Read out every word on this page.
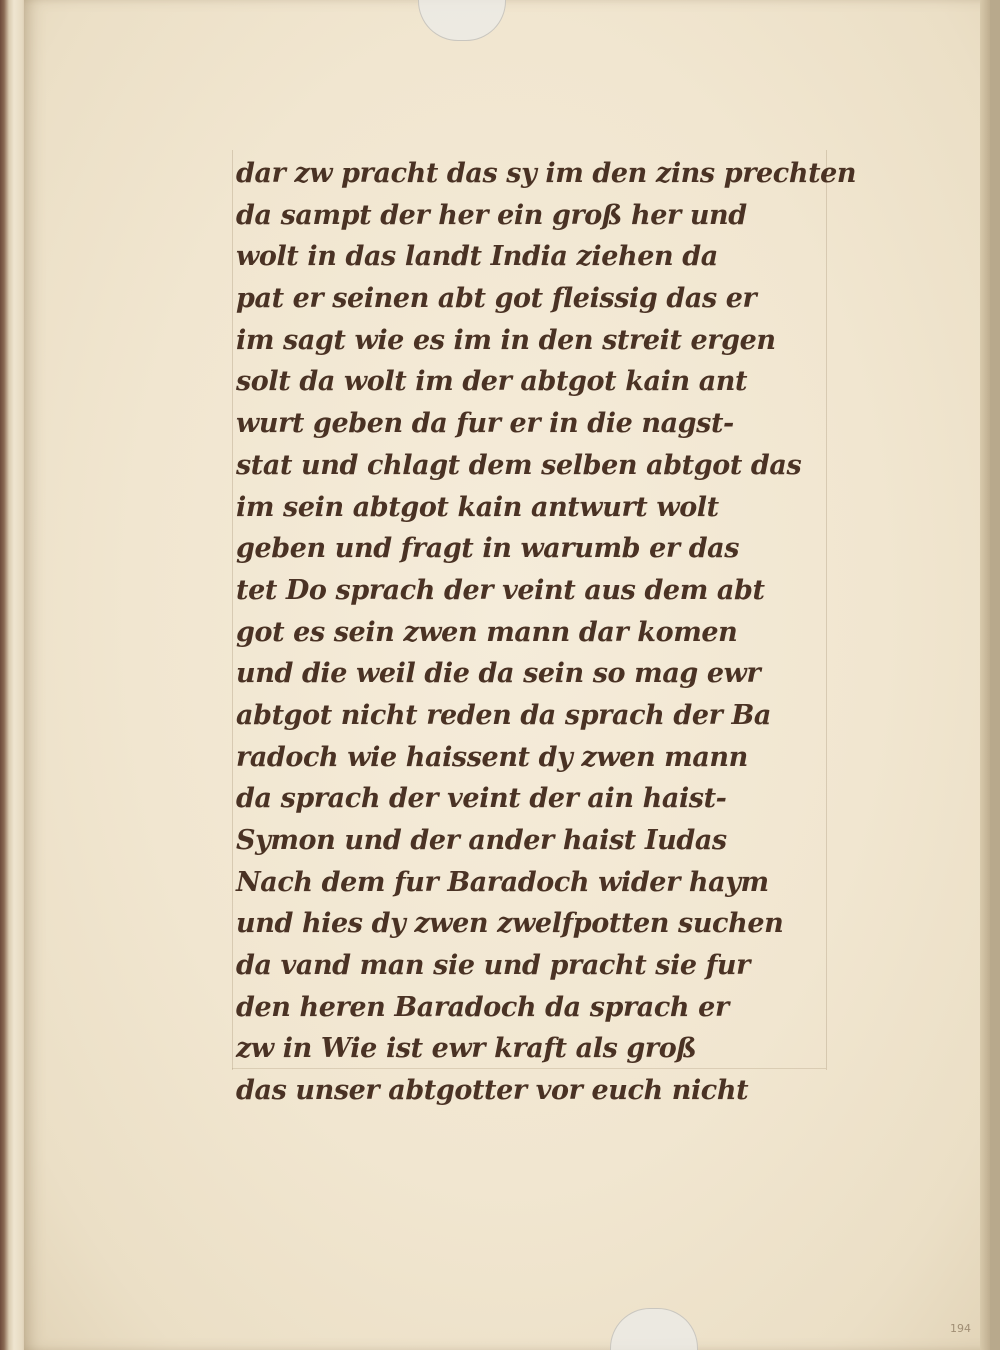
dar zw pracht das sy im den zins prechten
da sampt der her ein groß her und
wolt in das landt India ziehen da
pat er seinen abt got fleissig das er
im sagt wie es im in den streit ergen
solt da wolt im der abtgot kain ant
wurt geben da fur er in die nagst-
stat und chlagt dem selben abtgot das
im sein abtgot kain antwurt wolt
geben und fragt in warumb er das
tet Do sprach der veint aus dem abt
got es sein zwen mann dar komen
und die weil die da sein so mag ewr
abtgot nicht reden da sprach der Ba
radoch wie haissent dy zwen mann
da sprach der veint der ain haist-
Symon und der ander haist Iudas
Nach dem fur Baradoch wider haym
und hies dy zwen zwelfpotten suchen
da vand man sie und pracht sie fur
den heren Baradoch da sprach er
zw in Wie ist ewr kraft als groß
das unser abtgotter vor euch nicht
194
